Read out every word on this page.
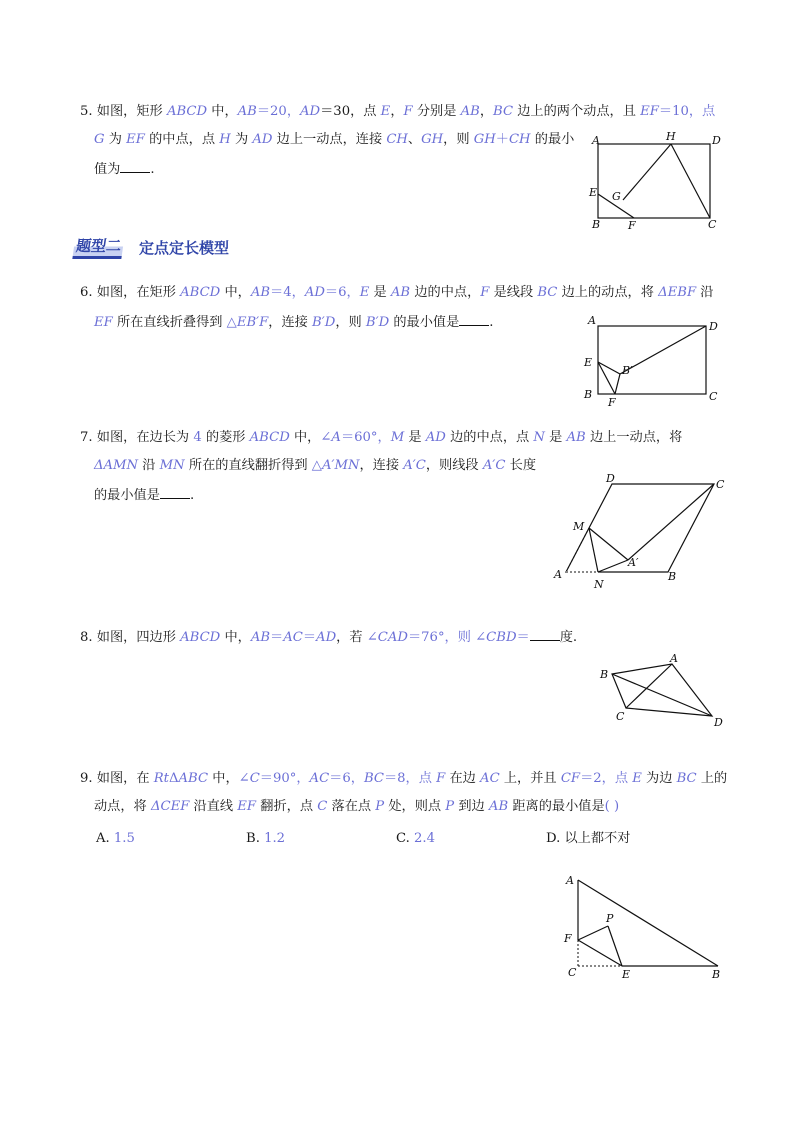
5. 如图，矩形 ABCD 中，AB＝20，AD＝30，点 E，F 分别是 AB，BC 边上的两个动点，且 EF＝10，点
G 为 EF 的中点，点 H 为 AD 边上一动点，连接 CH、GH，则 GH＋CH 的最小
值为 .
A	H	D
E G
B	F	C
题型二 定点定长模型
6. 如图，在矩形 ABCD 中，AB＝4，AD＝6，E 是 AB 边的中点，F 是线段 BC 边上的动点，将 ΔEBF 沿
EF 所在直线折叠得到 △EB′F，连接 B′D，则 B′D 的最小值是 .	A	D
E
B′
B
F	C
7. 如图，在边长为 4 的菱形 ABCD 中，∠A＝60°，M 是 AD 边的中点，点 N 是 AB 边上一动点，将
ΔAMN 沿 MN 所在的直线翻折得到 △A′MN，连接 A′C，则线段 A′C 长度
的最小值是 .
D	C
M
A′
A
N
B
8. 如图，四边形 ABCD 中，AB＝AC＝AD，若 ∠CAD＝76°，则 ∠CBD＝ 度.
A
B
C	D
9. 如图，在 RtΔABC 中，∠C＝90°，AC＝6，BC＝8，点 F 在边 AC 上，并且 CF＝2，点 E 为边 BC 上的
动点，将 ΔCEF 沿直线 EF 翻折，点 C 落在点 P 处，则点 P 到边 AB 距离的最小值是( )
A. 1.5	B. 1.2	C. 2.4	D. 以上都不对
A
P
F
C	E	B
